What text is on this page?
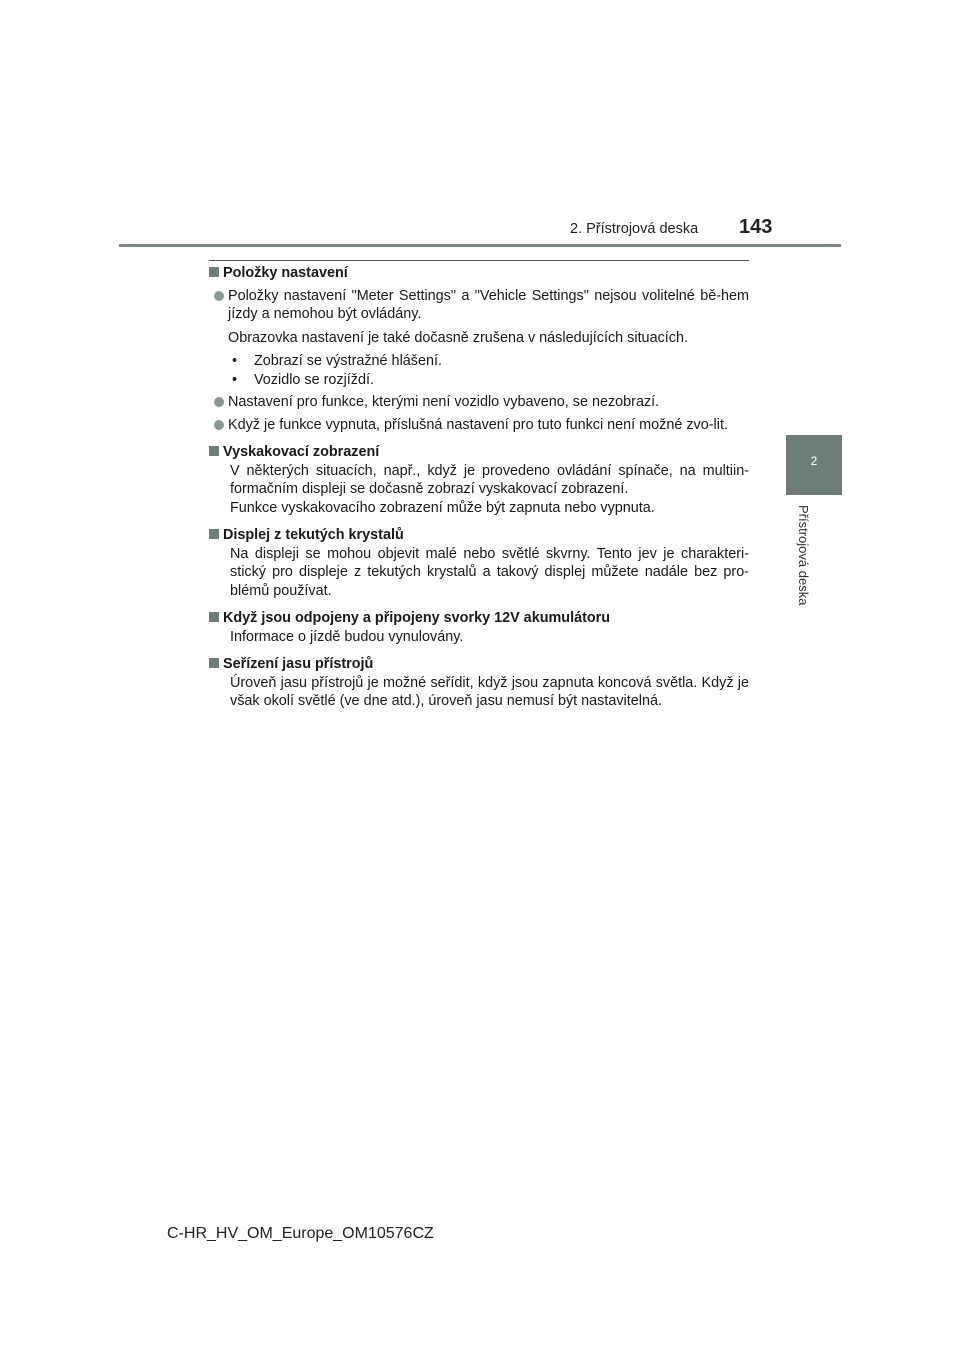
2. Přístrojová deska 143
2
Přístrojová deska
Položky nastavení
Položky nastavení "Meter Settings" a "Vehicle Settings" nejsou volitelné bě-hem jízdy a nemohou být ovládány.
Obrazovka nastavení je také dočasně zrušena v následujících situacích.
•	Zobrazí se výstražné hlášení.
•	Vozidlo se rozjíždí.
Nastavení pro funkce, kterými není vozidlo vybaveno, se nezobrazí.
Když je funkce vypnuta, příslušná nastavení pro tuto funkci není možné zvo-lit.
Vyskakovací zobrazení
V některých situacích, např., když je provedeno ovládání spínače, na multiin-formačním displeji se dočasně zobrazí vyskakovací zobrazení.
Funkce vyskakovacího zobrazení může být zapnuta nebo vypnuta.
Displej z tekutých krystalů
Na displeji se mohou objevit malé nebo světlé skvrny. Tento jev je charakteri-stický pro displeje z tekutých krystalů a takový displej můžete nadále bez pro-blémů používat.
Když jsou odpojeny a připojeny svorky 12V akumulátoru
Informace o jízdě budou vynulovány.
Seřízení jasu přístrojů
Úroveň jasu přístrojů je možné seřídit, když jsou zapnuta koncová světla. Když je však okolí světlé (ve dne atd.), úroveň jasu nemusí být nastavitelná.
C-HR_HV_OM_Europe_OM10576CZ
